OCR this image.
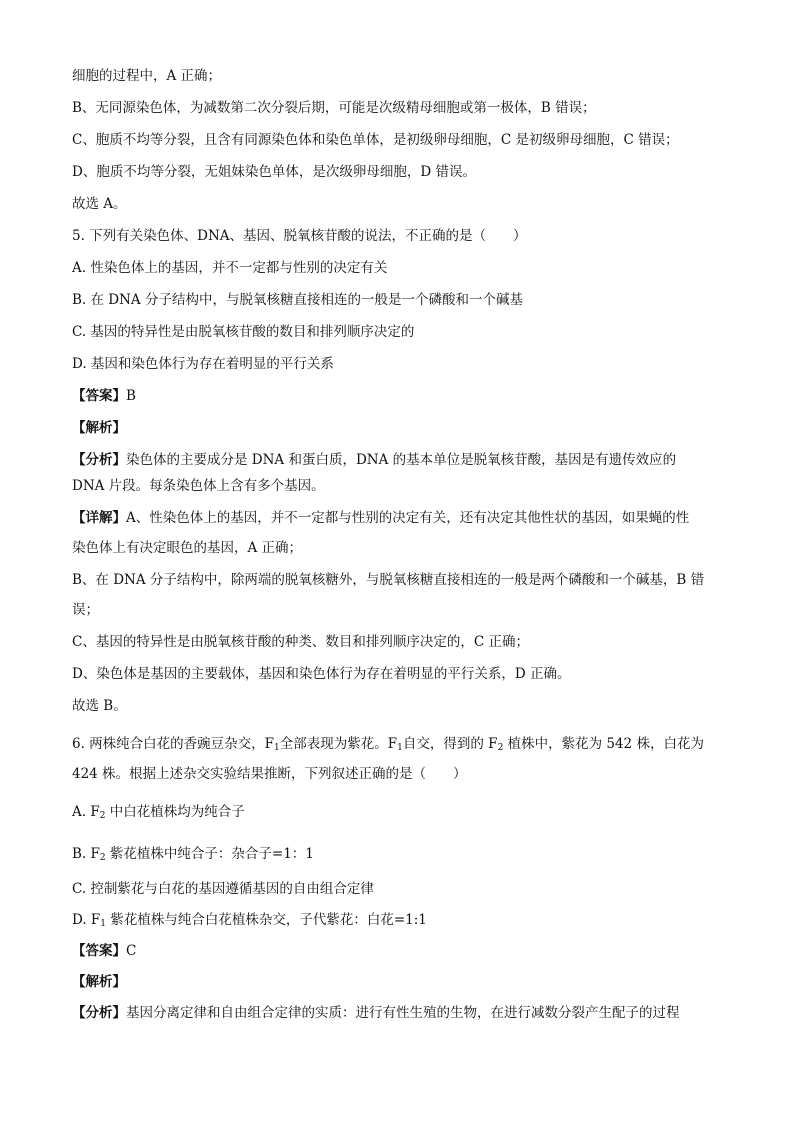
细胞的过程中，A 正确；
B、无同源染色体，为减数第二次分裂后期，可能是次级精母细胞或第一极体，B 错误；
C、胞质不均等分裂，且含有同源染色体和染色单体，是初级卵母细胞，C 是初级卵母细胞，C 错误；
D、胞质不均等分裂，无姐妹染色单体，是次级卵母细胞，D 错误。
故选 A。
5. 下列有关染色体、DNA、基因、脱氧核苷酸的说法，不正确的是（　　）
A. 性染色体上的基因，并不一定都与性别的决定有关
B. 在 DNA 分子结构中，与脱氧核糖直接相连的一般是一个磷酸和一个碱基
C. 基因的特异性是由脱氧核苷酸的数目和排列顺序决定的
D. 基因和染色体行为存在着明显的平行关系
【答案】B
【解析】
【分析】染色体的主要成分是 DNA 和蛋白质，DNA 的基本单位是脱氧核苷酸，基因是有遗传效应的
DNA 片段。每条染色体上含有多个基因。
【详解】A、性染色体上的基因，并不一定都与性别的决定有关，还有决定其他性状的基因，如果蝇的性
染色体上有决定眼色的基因，A 正确；
B、在 DNA 分子结构中，除两端的脱氧核糖外，与脱氧核糖直接相连的一般是两个磷酸和一个碱基，B 错
误；
C、基因的特异性是由脱氧核苷酸的种类、数目和排列顺序决定的，C 正确；
D、染色体是基因的主要载体，基因和染色体行为存在着明显的平行关系，D 正确。
故选 B。
6. 两株纯合白花的香豌豆杂交，$F_1$全部表现为紫花。$F_1$自交，得到的 $F_2$ 植株中，紫花为 542 株，白花为
424 株。根据上述杂交实验结果推断，下列叙述正确的是（　　）
A. $F_2$ 中白花植株均为纯合子
B. $F_2$ 紫花植株中纯合子：杂合子=1：1
C. 控制紫花与白花的基因遵循基因的自由组合定律
D. $F_1$ 紫花植株与纯合白花植株杂交，子代紫花：白花=1:1
【答案】C
【解析】
【分析】基因分离定律和自由组合定律的实质：进行有性生殖的生物，在进行减数分裂产生配子的过程
